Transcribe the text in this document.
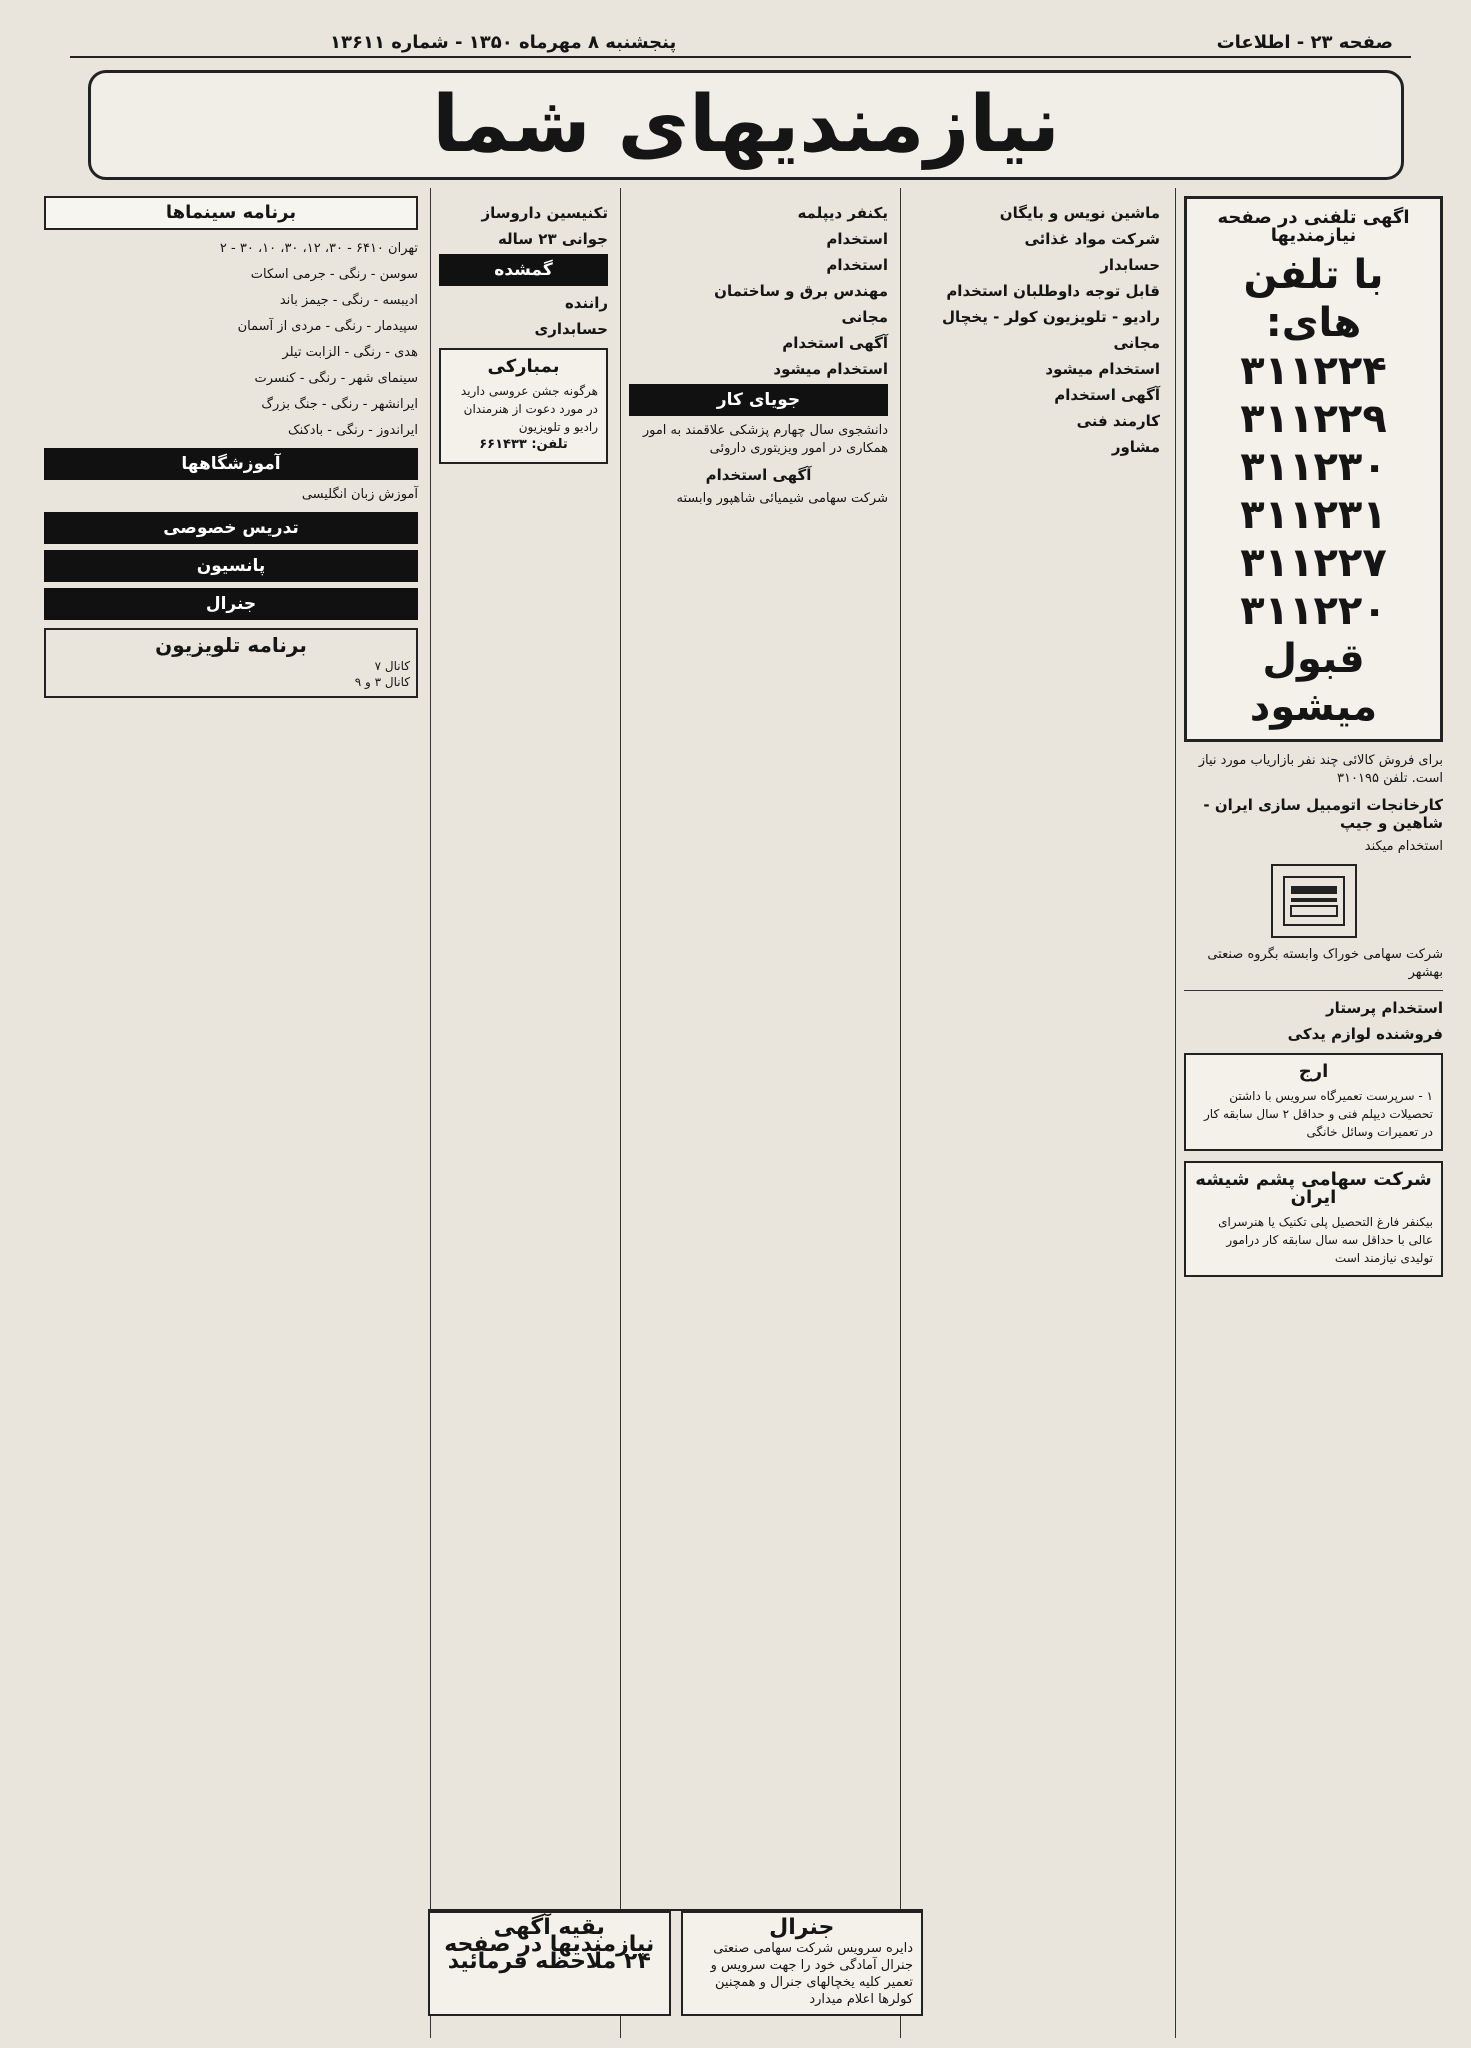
پنجشنبه ۸ مهرماه ۱۳۵۰ - شماره ۱۳۶۱۱	صفحه ۲۳ - اطلاعات
نیازمندیهای شما
اگهی تلفنی در صفحه نیازمندیها
با تلفن های:
۳۱۱۲۲۴
۳۱۱۲۲۹
۳۱۱۲۳۰
۳۱۱۲۳۱
۳۱۱۲۲۷
۳۱۱۲۲۰
قبول میشود

برای فروش کالائی چند نفر بازاریاب مورد نیاز است. تلفن ۳۱۰۱۹۵

کارخانجات اتومبیل سازی ایران - شاهین و جیپ

استخدام میکند

شرکت سهامی خوراک وابسته بگروه صنعتی بهشهر

استخدام پرستار
فروشنده لوازم یدکی
ارج
۱ - سرپرست تعمیرگاه سرویس با داشتن تحصیلات دیپلم فنی و حداقل ۲ سال سابقه کار در تعمیرات وسائل خانگی
شرکت سهامی پشم شیشه ایران
بیکنفر فارغ التحصیل پلی تکنیک یا هنرسرای عالی با حداقل سه سال سابقه کار درامور تولیدی نیازمند است
ماشین نویس و بایگان
شرکت مواد غذائی
حسابدار
قابل توجه داوطلبان استخدام
رادیو - تلویزیون کولر - یخچال
مجانی
استخدام میشود
آگهی استخدام
کارمند فنی
مشاور
یکنفر دیپلمه
استخدام
استخدام
مهندس برق و ساختمان
مجانی
آگهی استخدام
استخدام میشود
جویای کار

دانشجوی سال چهارم پزشکی علاقمند به امور همکاری در امور ویزیتوری داروئی

آگهی استخدام

شرکت سهامی شیمیائی شاهپور وابسته

تکنیسین داروساز
جوانی ۲۳ ساله
گمشده
راننده
حسابداری
بمبارکی
هرگونه جشن عروسی دارید در مورد دعوت از هنرمندان رادیو و تلویزیون
تلفن: ۶۶۱۴۳۳
برنامه سینماها

تهران ۶۴۱۰ - ۳۰، ۱۲، ۳۰، ۱۰، ۳۰ - ۲

سوسن - رنگی - جرمی اسکات

ادیبسه - رنگی - جیمز باند

سپیدمار - رنگی - مردی از آسمان

هدی - رنگی - الزابت تیلر

سینمای شهر - رنگی - کنسرت

ایرانشهر - رنگی - جنگ بزرگ

ایراندوز - رنگی - بادکنک

آموزشگاهها

آموزش زبان انگلیسی

تدریس خصوصی
پانسیون
جنرال
برنامه تلویزیون
کانال ۷
کانال ۳ و ۹
جنرال
دایره سرویس شرکت سهامی صنعتی جنرال آمادگی خود را جهت سرویس و تعمیر کلیه یخچالهای جنرال و همچنین کولرها اعلام میدارد
بقیه آگهی نیازمندیها در صفحه ۲۴ ملاحظه فرمائید
